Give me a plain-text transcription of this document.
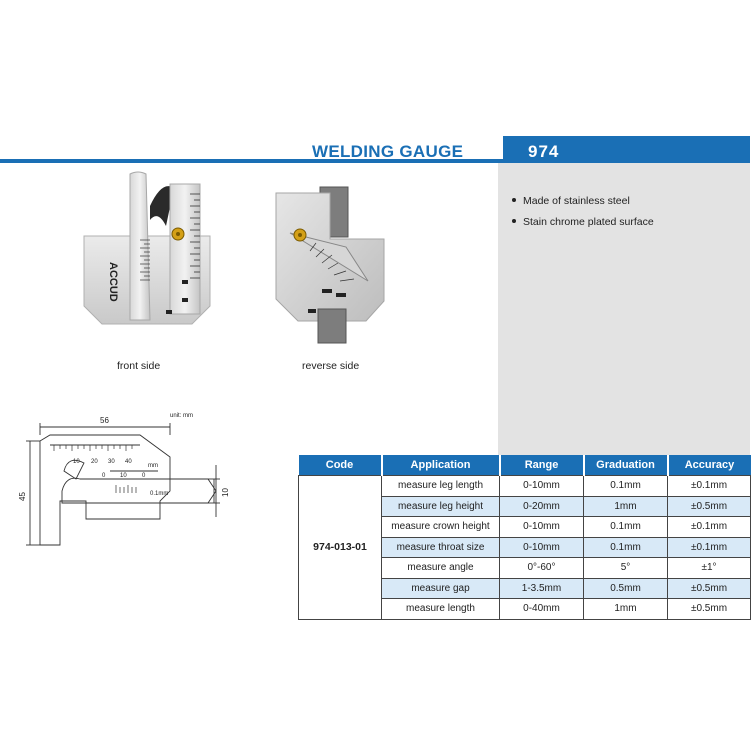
WELDING GAUGE	974
Made of stainless steel
Stain chrome plated surface
ACCUD
front side	reverse side
10 20 30 40
0 10	0
mm
0.1mm
unit: mm
56
45	10
Code	Application	Range	Graduation	Accuracy
974-013-01	measure leg length	0-10mm	0.1mm	±0.1mm
	measure leg height	0-20mm	1mm	±0.5mm
	measure crown height	0-10mm	0.1mm	±0.1mm
	measure throat size	0-10mm	0.1mm	±0.1mm
	measure angle	0°-60°	5°	±1°
	measure gap	1-3.5mm	0.5mm	±0.5mm
	measure length	0-40mm	1mm	±0.5mm
